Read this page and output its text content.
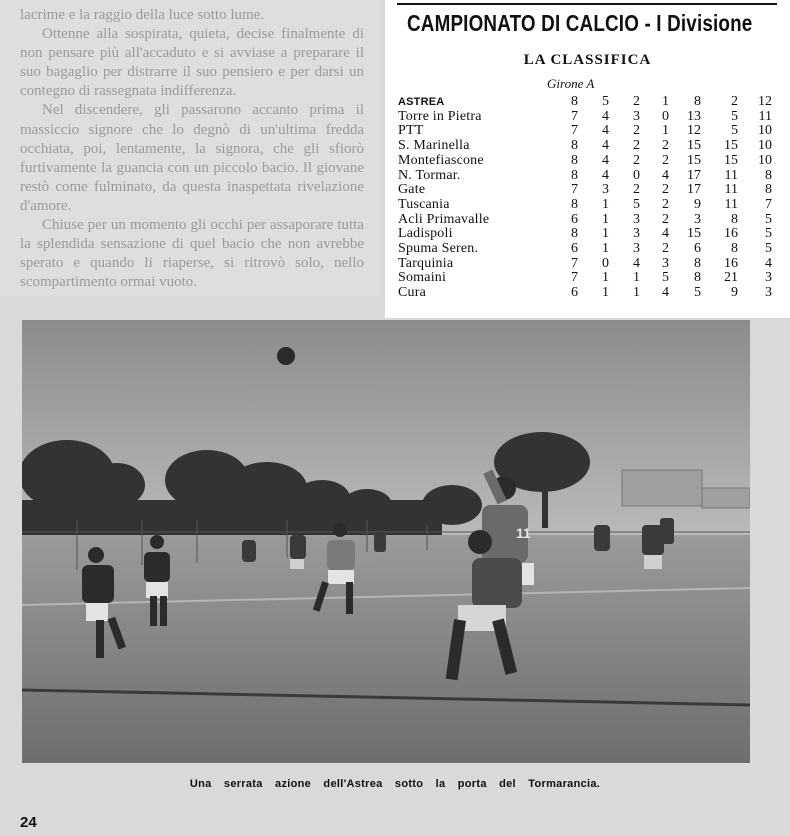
lacrime e la raggio della luce sotto lume.

Ottenne alla sospirata, quieta, decise finalmente di non pensare più all'accaduto e si avviase a preparare il suo bagaglio per distrarre il suo pensiero e per darsi un contegno di rassegnata indifferenza.

Nel discendere, gli passarono accanto prima il massiccio signore che lo degnò di un'ultima fredda occhiata, poi, lentamente, la signora, che gli sfiorò furtivamente la guancia con un piccolo bacio. Il giovane restò come fulminato, da questa inaspettata rivelazione d'amore.

Chiuse per un momento gli occhi per assaporare tutta la splendida sensazione di quel bacio che non avrebbe sperato e quando li riaperse, si ritrovò solo, nello scompartimento ormai vuoto.

CAMPIONATO DI CALCIO - I Divisione
LA CLASSIFICA
Girone A
ASTREA	8	5	2	1	8	2	12
Torre in Pietra	7	4	3	0	13	5	11
PTT	7	4	2	1	12	5	10
S. Marinella	8	4	2	2	15	15	10
Montefiascone	8	4	2	2	15	15	10
N. Tormar.	8	4	0	4	17	11	8
Gate	7	3	2	2	17	11	8
Tuscania	8	1	5	2	9	11	7
Acli Primavalle	6	1	3	2	3	8	5
Ladispoli	8	1	3	4	15	16	5
Spuma Seren.	6	1	3	2	6	8	5
Tarquinia	7	0	4	3	8	16	4
Somaini	7	1	1	5	8	21	3
Cura	6	1	1	4	5	9	3
11
Una serrata azione dell'Astrea sotto la porta del Tormarancia.
24
